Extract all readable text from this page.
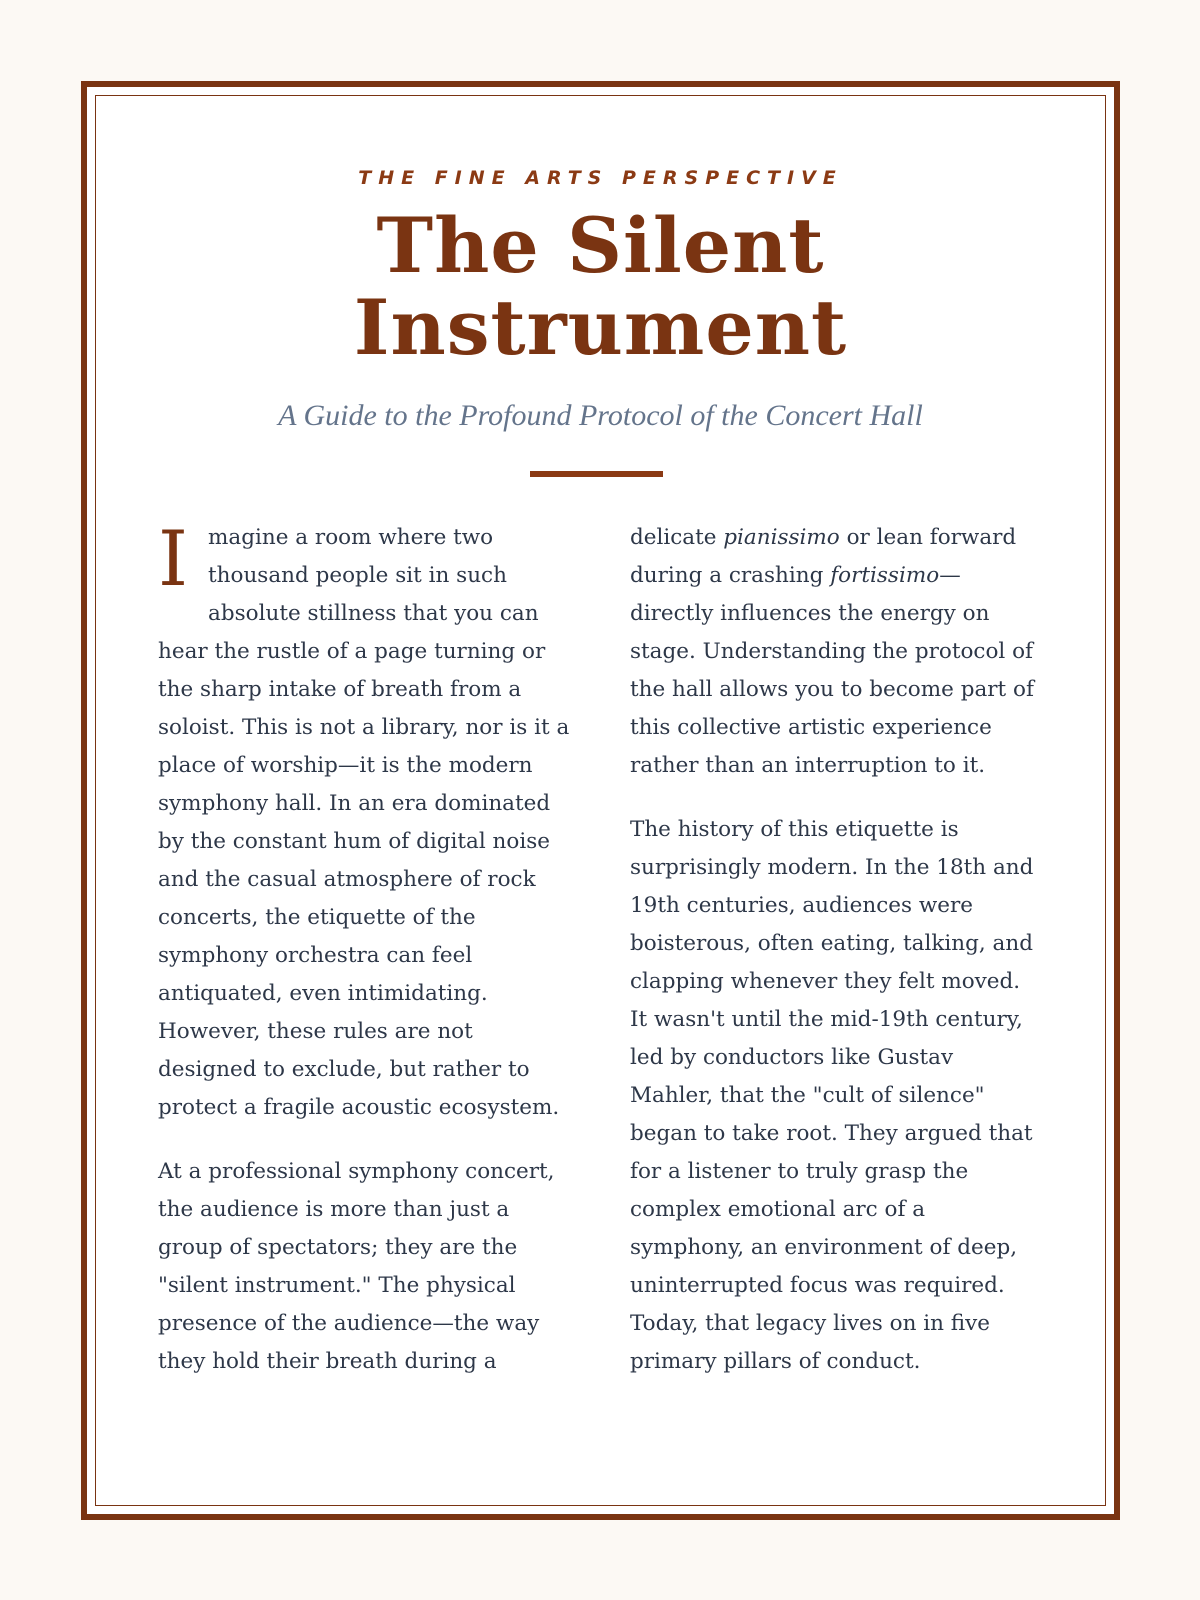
THE FINE ARTS PERSPECTIVE
The Silent
Instrument
A Guide to the Profound Protocol of the Concert Hall

Imagine a room where two thousand people sit in such absolute stillness that you can hear the rustle of a page turning or the sharp intake of breath from a soloist. This is not a library, nor is it a place of worship—it is the modern symphony hall. In an era dominated by the constant hum of digital noise and the casual atmosphere of rock concerts, the etiquette of the symphony orchestra can feel antiquated, even intimidating. However, these rules are not designed to exclude, but rather to protect a fragile acoustic ecosystem.

At a professional symphony concert, the audience is more than just a group of spectators; they are the "silent instrument." The physical presence of the audience—the way they hold their breath during a

delicate pianissimo or lean forward during a crashing fortissimo—directly influences the energy on stage. Understanding the protocol of the hall allows you to become part of this collective artistic experience rather than an interruption to it.

The history of this etiquette is surprisingly modern. In the 18th and 19th centuries, audiences were boisterous, often eating, talking, and clapping whenever they felt moved. It wasn't until the mid-19th century, led by conductors like Gustav Mahler, that the "cult of silence" began to take root. They argued that for a listener to truly grasp the complex emotional arc of a symphony, an environment of deep, uninterrupted focus was required. Today, that legacy lives on in five primary pillars of conduct.
